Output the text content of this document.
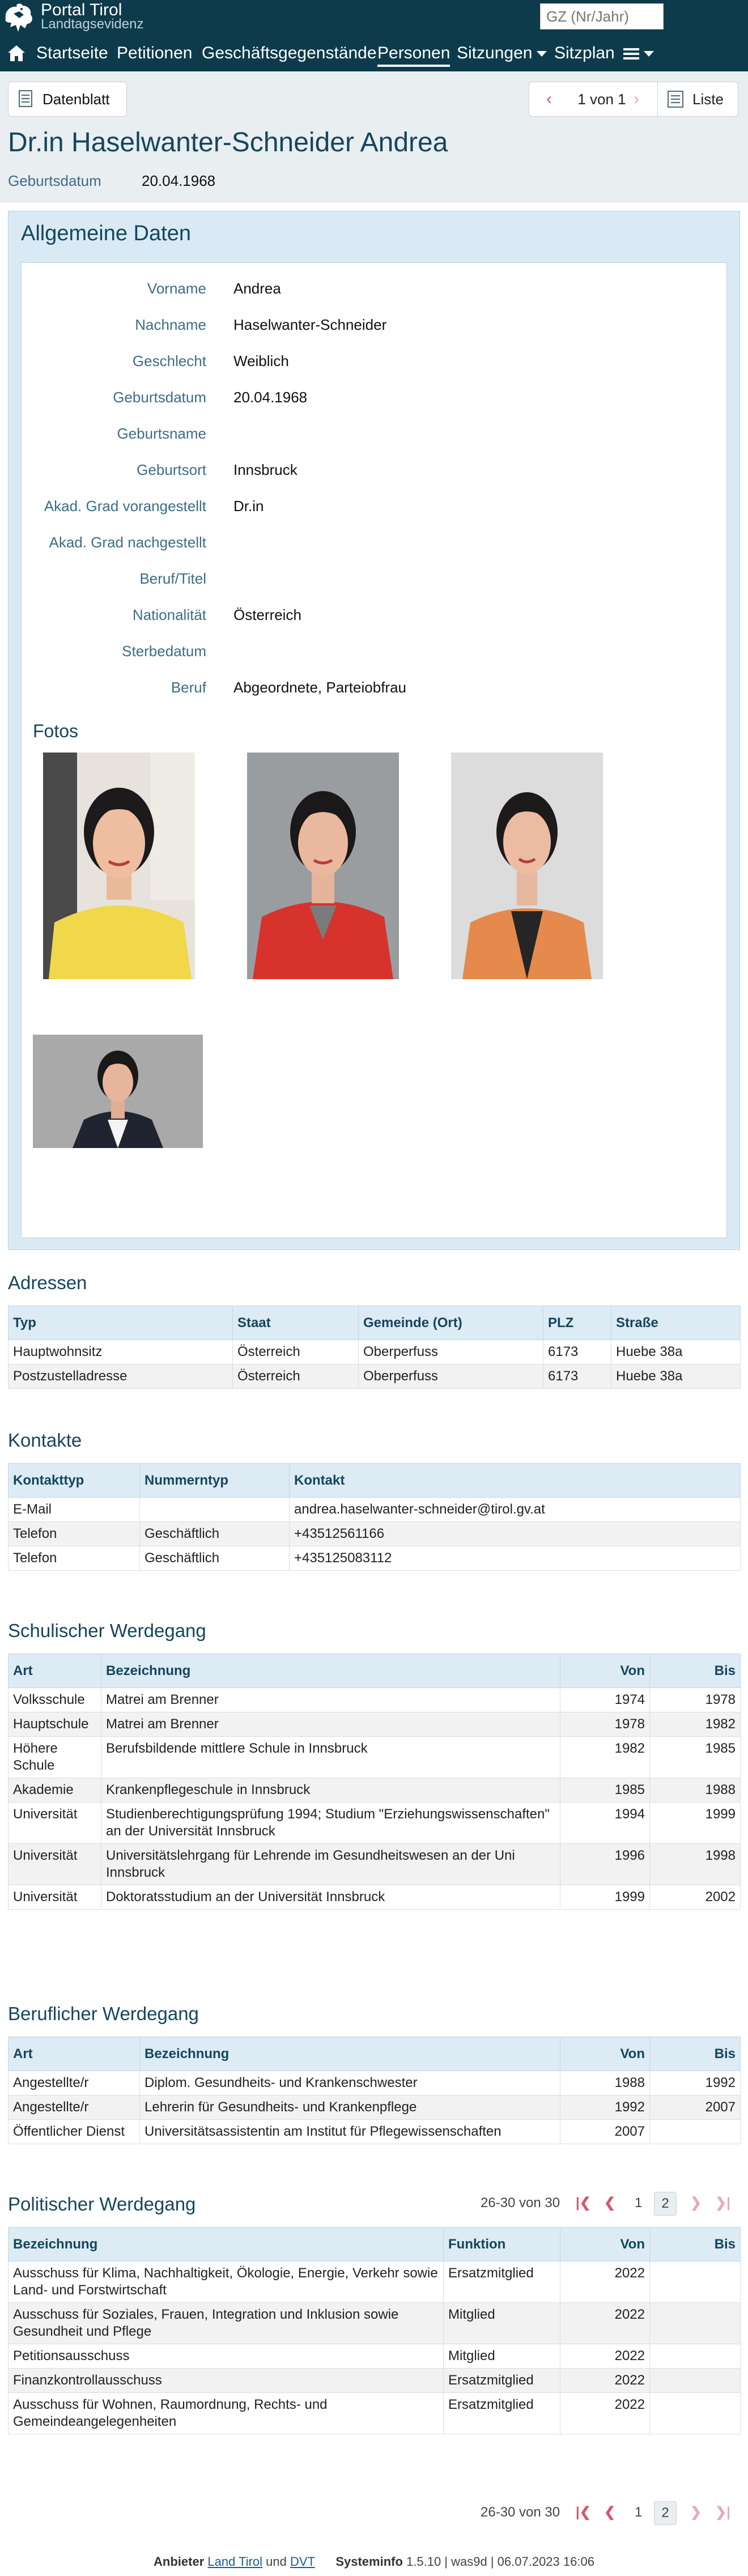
Portal Tirol
Landtagsevidenz
GZ (Nr/Jahr)
Startseite Petitionen Geschäftsgegenstände Personen Sitzungen	Sitzplan
Datenblatt	‹	1 von 1 ›	Liste
Dr.in Haselwanter-Schneider Andrea
Geburtsdatum	20.04.1968
Allgemeine Daten
Vorname Andrea
Nachname Haselwanter-Schneider
Geschlecht Weiblich
Geburtsdatum 20.04.1968
Geburtsname
Geburtsort Innsbruck
Akad. Grad vorangestellt Dr.in
Akad. Grad nachgestellt
Beruf/Titel
Nationalität Österreich
Sterbedatum
Beruf Abgeordnete, Parteiobfrau
Fotos
Adressen
Typ	Staat	Gemeinde (Ort)	PLZ	Straße
Hauptwohnsitz	Österreich	Oberperfuss	6173	Huebe 38a
Postzustelladresse	Österreich	Oberperfuss	6173	Huebe 38a
Kontakte
Kontakttyp	Nummerntyp	Kontakt
E-Mail		andrea.haselwanter-schneider@tirol.gv.at
Telefon	Geschäftlich	+43512561166
Telefon	Geschäftlich	+435125083112
Schulischer Werdegang
Art	Bezeichnung	Von	Bis
Volksschule	Matrei am Brenner	1974	1978
Hauptschule	Matrei am Brenner	1978	1982
Höhere Schule	Berufsbildende mittlere Schule in Innsbruck	1982	1985
Akademie	Krankenpflegeschule in Innsbruck	1985	1988
Universität	Studienberechtigungsprüfung 1994; Studium "Erziehungswissenschaften" an der Universität Innsbruck	1994	1999
Universität	Universitätslehrgang für Lehrende im Gesundheitswesen an der Uni Innsbruck	1996	1998
Universität	Doktoratsstudium an der Universität Innsbruck	1999	2002
Beruflicher Werdegang
Art	Bezeichnung	Von	Bis
Angestellte/r	Diplom. Gesundheits- und Krankenschwester	1988	1992
Angestellte/r	Lehrerin für Gesundheits- und Krankenpflege	1992	2007
Öffentlicher Dienst	Universitätsassistentin am Institut für Pflegewissenschaften	2007	
Politischer Werdegang	26-30 von 30 |❮ ❮ 1	2	❯ ❯|
Bezeichnung	Funktion	Von	Bis
Ausschuss für Klima, Nachhaltigkeit, Ökologie, Energie, Verkehr sowie Land- und Forstwirtschaft	Ersatzmitglied	2022	
Ausschuss für Soziales, Frauen, Integration und Inklusion sowie Gesundheit und Pflege	Mitglied	2022	
Petitionsausschuss	Mitglied	2022	
Finanzkontrollausschuss	Ersatzmitglied	2022	
Ausschuss für Wohnen, Raumordnung, Rechts- und Gemeindeangelegenheiten	Ersatzmitglied	2022	
26-30 von 30 |❮ ❮ 1	2	❯ ❯|
Anbieter Land Tirol und DVT Systeminfo 1.5.10 | was9d | 06.07.2023 16:06
